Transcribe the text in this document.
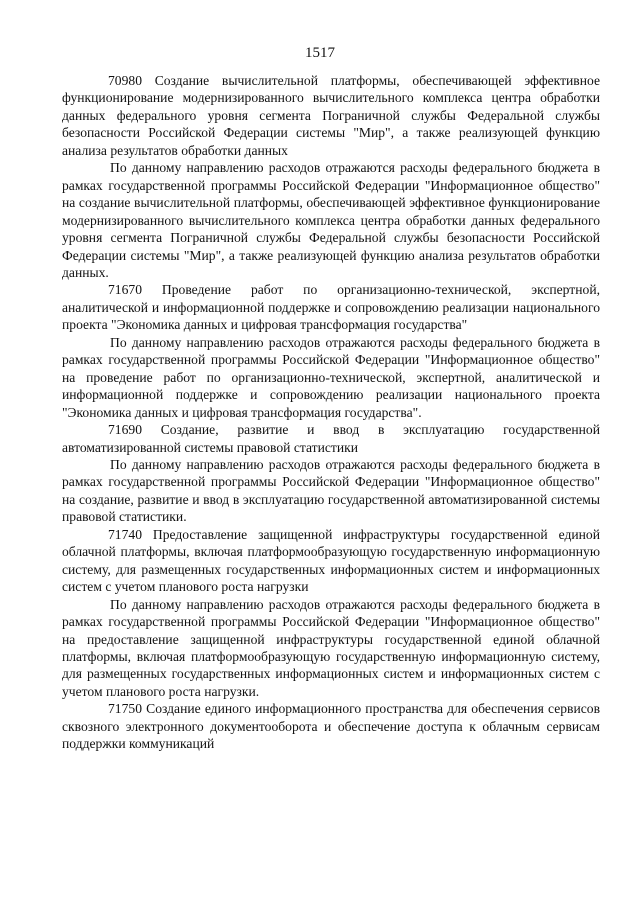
1517

70980 Создание вычислительной платформы, обеспечивающей эффективное функционирование модернизированного вычислительного комплекса центра обработки данных федерального уровня сегмента Пограничной службы Федеральной службы безопасности Российской Федерации системы "Мир", а также реализующей функцию анализа результатов обработки данных

По данному направлению расходов отражаются расходы федерального бюджета в рамках государственной программы Российской Федерации "Информационное общество" на создание вычислительной платформы, обеспечивающей эффективное функционирование модернизированного вычислительного комплекса центра обработки данных федерального уровня сегмента Пограничной службы Федеральной службы безопасности Российской Федерации системы "Мир", а также реализующей функцию анализа результатов обработки данных.

71670 Проведение работ по организационно-технической, экспертной, аналитической и информационной поддержке и сопровождению реализации национального проекта "Экономика данных и цифровая трансформация государства"

По данному направлению расходов отражаются расходы федерального бюджета в рамках государственной программы Российской Федерации "Информационное общество" на проведение работ по организационно-технической, экспертной, аналитической и информационной поддержке и сопровождению реализации национального проекта "Экономика данных и цифровая трансформация государства".

71690 Создание, развитие и ввод в эксплуатацию государственной автоматизированной системы правовой статистики

По данному направлению расходов отражаются расходы федерального бюджета в рамках государственной программы Российской Федерации "Информационное общество" на создание, развитие и ввод в эксплуатацию государственной автоматизированной системы правовой статистики.

71740 Предоставление защищенной инфраструктуры государственной единой облачной платформы, включая платформообразующую государственную информационную систему, для размещенных государственных информационных систем и информационных систем с учетом планового роста нагрузки

По данному направлению расходов отражаются расходы федерального бюджета в рамках государственной программы Российской Федерации "Информационное общество" на предоставление защищенной инфраструктуры государственной единой облачной платформы, включая платформообразующую государственную информационную систему, для размещенных государственных информационных систем и информационных систем с учетом планового роста нагрузки.

71750 Создание единого информационного пространства для обеспечения сервисов сквозного электронного документооборота и обеспечение доступа к облачным сервисам поддержки коммуникаций
